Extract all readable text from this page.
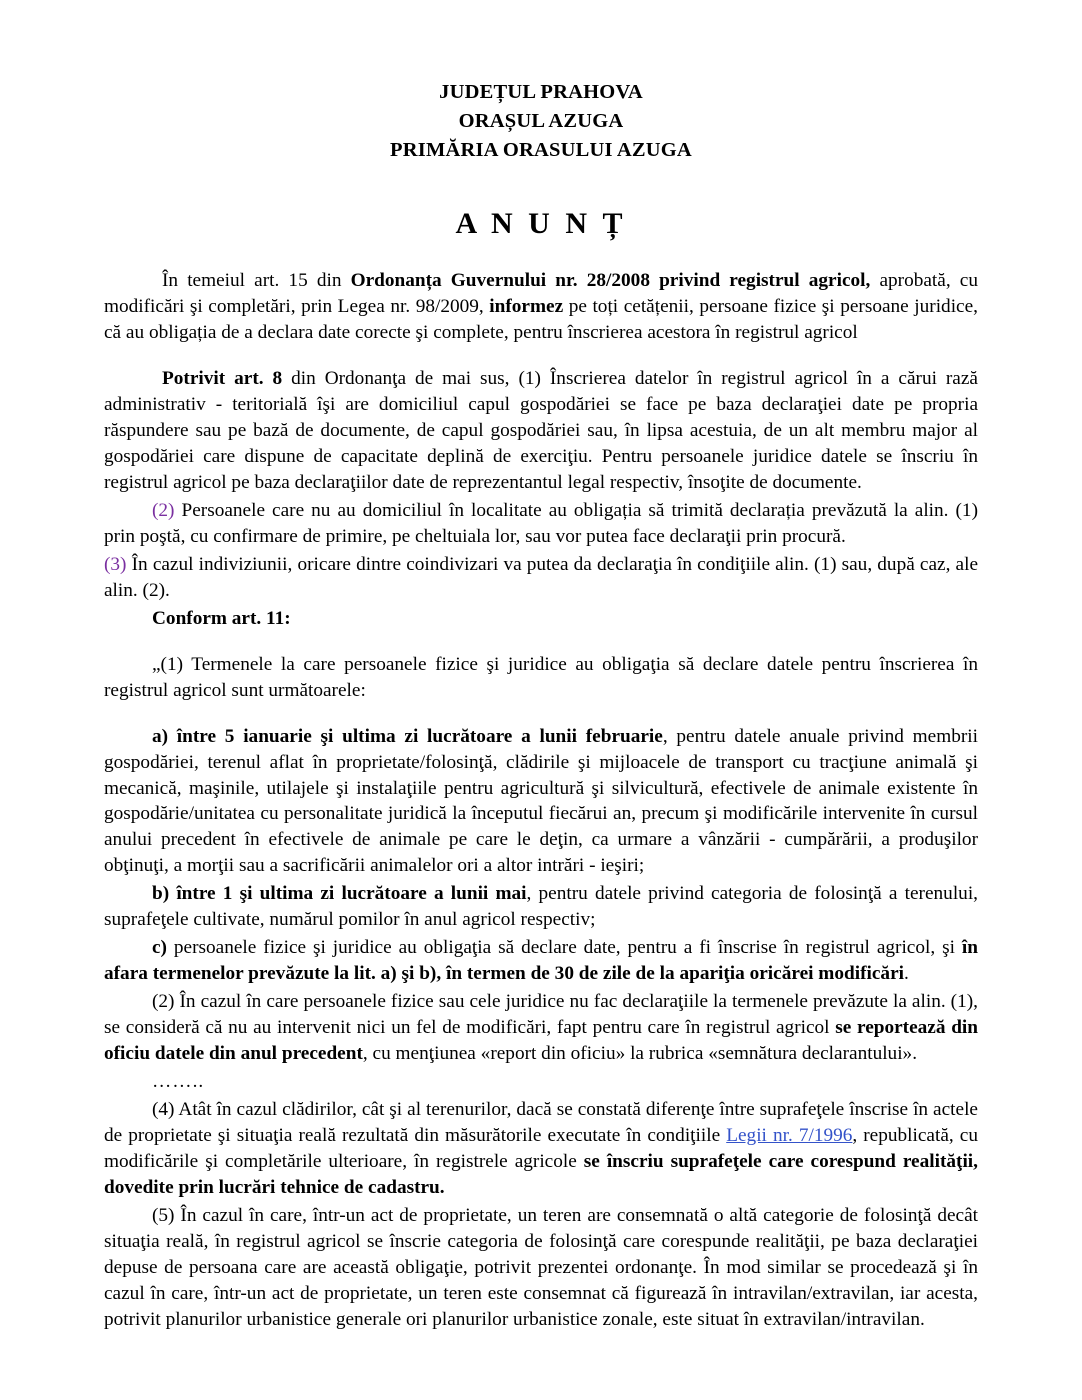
JUDEȚUL PRAHOVA
ORAȘUL AZUGA
PRIMĂRIA ORASULUI AZUGA
A N U N Ț

În temeiul art. 15 din Ordonanța Guvernului nr. 28/2008 privind registrul agricol, aprobată, cu modificări şi completări, prin Legea nr. 98/2009, informez pe toți cetățenii, persoane fizice şi persoane juridice, că au obligația de a declara date corecte şi complete, pentru înscrierea acestora în registrul agricol

Potrivit art. 8 din Ordonanţa de mai sus, (1) Înscrierea datelor în registrul agricol în a cărui rază administrativ - teritorială îşi are domiciliul capul gospodăriei se face pe baza declaraţiei date pe propria răspundere sau pe bază de documente, de capul gospodăriei sau, în lipsa acestuia, de un alt membru major al gospodăriei care dispune de capacitate deplină de exerciţiu. Pentru persoanele juridice datele se înscriu în registrul agricol pe baza declaraţiilor date de reprezentantul legal respectiv, însoţite de documente.

(2) Persoanele care nu au domiciliul în localitate au obligația să trimită declarația prevăzută la alin. (1) prin poştă, cu confirmare de primire, pe cheltuiala lor, sau vor putea face declaraţii prin procură.

(3) În cazul indiviziunii, oricare dintre coindivizari va putea da declaraţia în condiţiile alin. (1) sau, după caz, ale alin. (2).

Conform art. 11:

„(1) Termenele la care persoanele fizice şi juridice au obligaţia să declare datele pentru înscrierea în registrul agricol sunt următoarele:

a) între 5 ianuarie şi ultima zi lucrătoare a lunii februarie, pentru datele anuale privind membrii gospodăriei, terenul aflat în proprietate/folosinţă, clădirile şi mijloacele de transport cu tracţiune animală şi mecanică, maşinile, utilajele şi instalaţiile pentru agricultură şi silvicultură, efectivele de animale existente în gospodărie/unitatea cu personalitate juridică la începutul fiecărui an, precum şi modificările intervenite în cursul anului precedent în efectivele de animale pe care le deţin, ca urmare a vânzării - cumpărării, a produşilor obţinuţi, a morţii sau a sacrificării animalelor ori a altor intrări - ieşiri;

b) între 1 şi ultima zi lucrătoare a lunii mai, pentru datele privind categoria de folosinţă a terenului, suprafeţele cultivate, numărul pomilor în anul agricol respectiv;

c) persoanele fizice şi juridice au obligaţia să declare date, pentru a fi înscrise în registrul agricol, şi în afara termenelor prevăzute la lit. a) şi b), în termen de 30 de zile de la apariţia oricărei modificări.

(2) În cazul în care persoanele fizice sau cele juridice nu fac declaraţiile la termenele prevăzute la alin. (1), se consideră că nu au intervenit nici un fel de modificări, fapt pentru care în registrul agricol se reportează din oficiu datele din anul precedent, cu menţiunea «report din oficiu» la rubrica «semnătura declarantului».

……..

(4) Atât în cazul clădirilor, cât şi al terenurilor, dacă se constată diferenţe între suprafeţele înscrise în actele de proprietate şi situaţia reală rezultată din măsurătorile executate în condiţiile Legii nr. 7/1996, republicată, cu modificările şi completările ulterioare, în registrele agricole se înscriu suprafeţele care corespund realităţii, dovedite prin lucrări tehnice de cadastru.

(5) În cazul în care, într-un act de proprietate, un teren are consemnată o altă categorie de folosinţă decât situaţia reală, în registrul agricol se înscrie categoria de folosinţă care corespunde realităţii, pe baza declaraţiei depuse de persoana care are această obligaţie, potrivit prezentei ordonanţe. În mod similar se procedează şi în cazul în care, într-un act de proprietate, un teren este consemnat că figurează în intravilan/extravilan, iar acesta, potrivit planurilor urbanistice generale ori planurilor urbanistice zonale, este situat în extravilan/intravilan.
